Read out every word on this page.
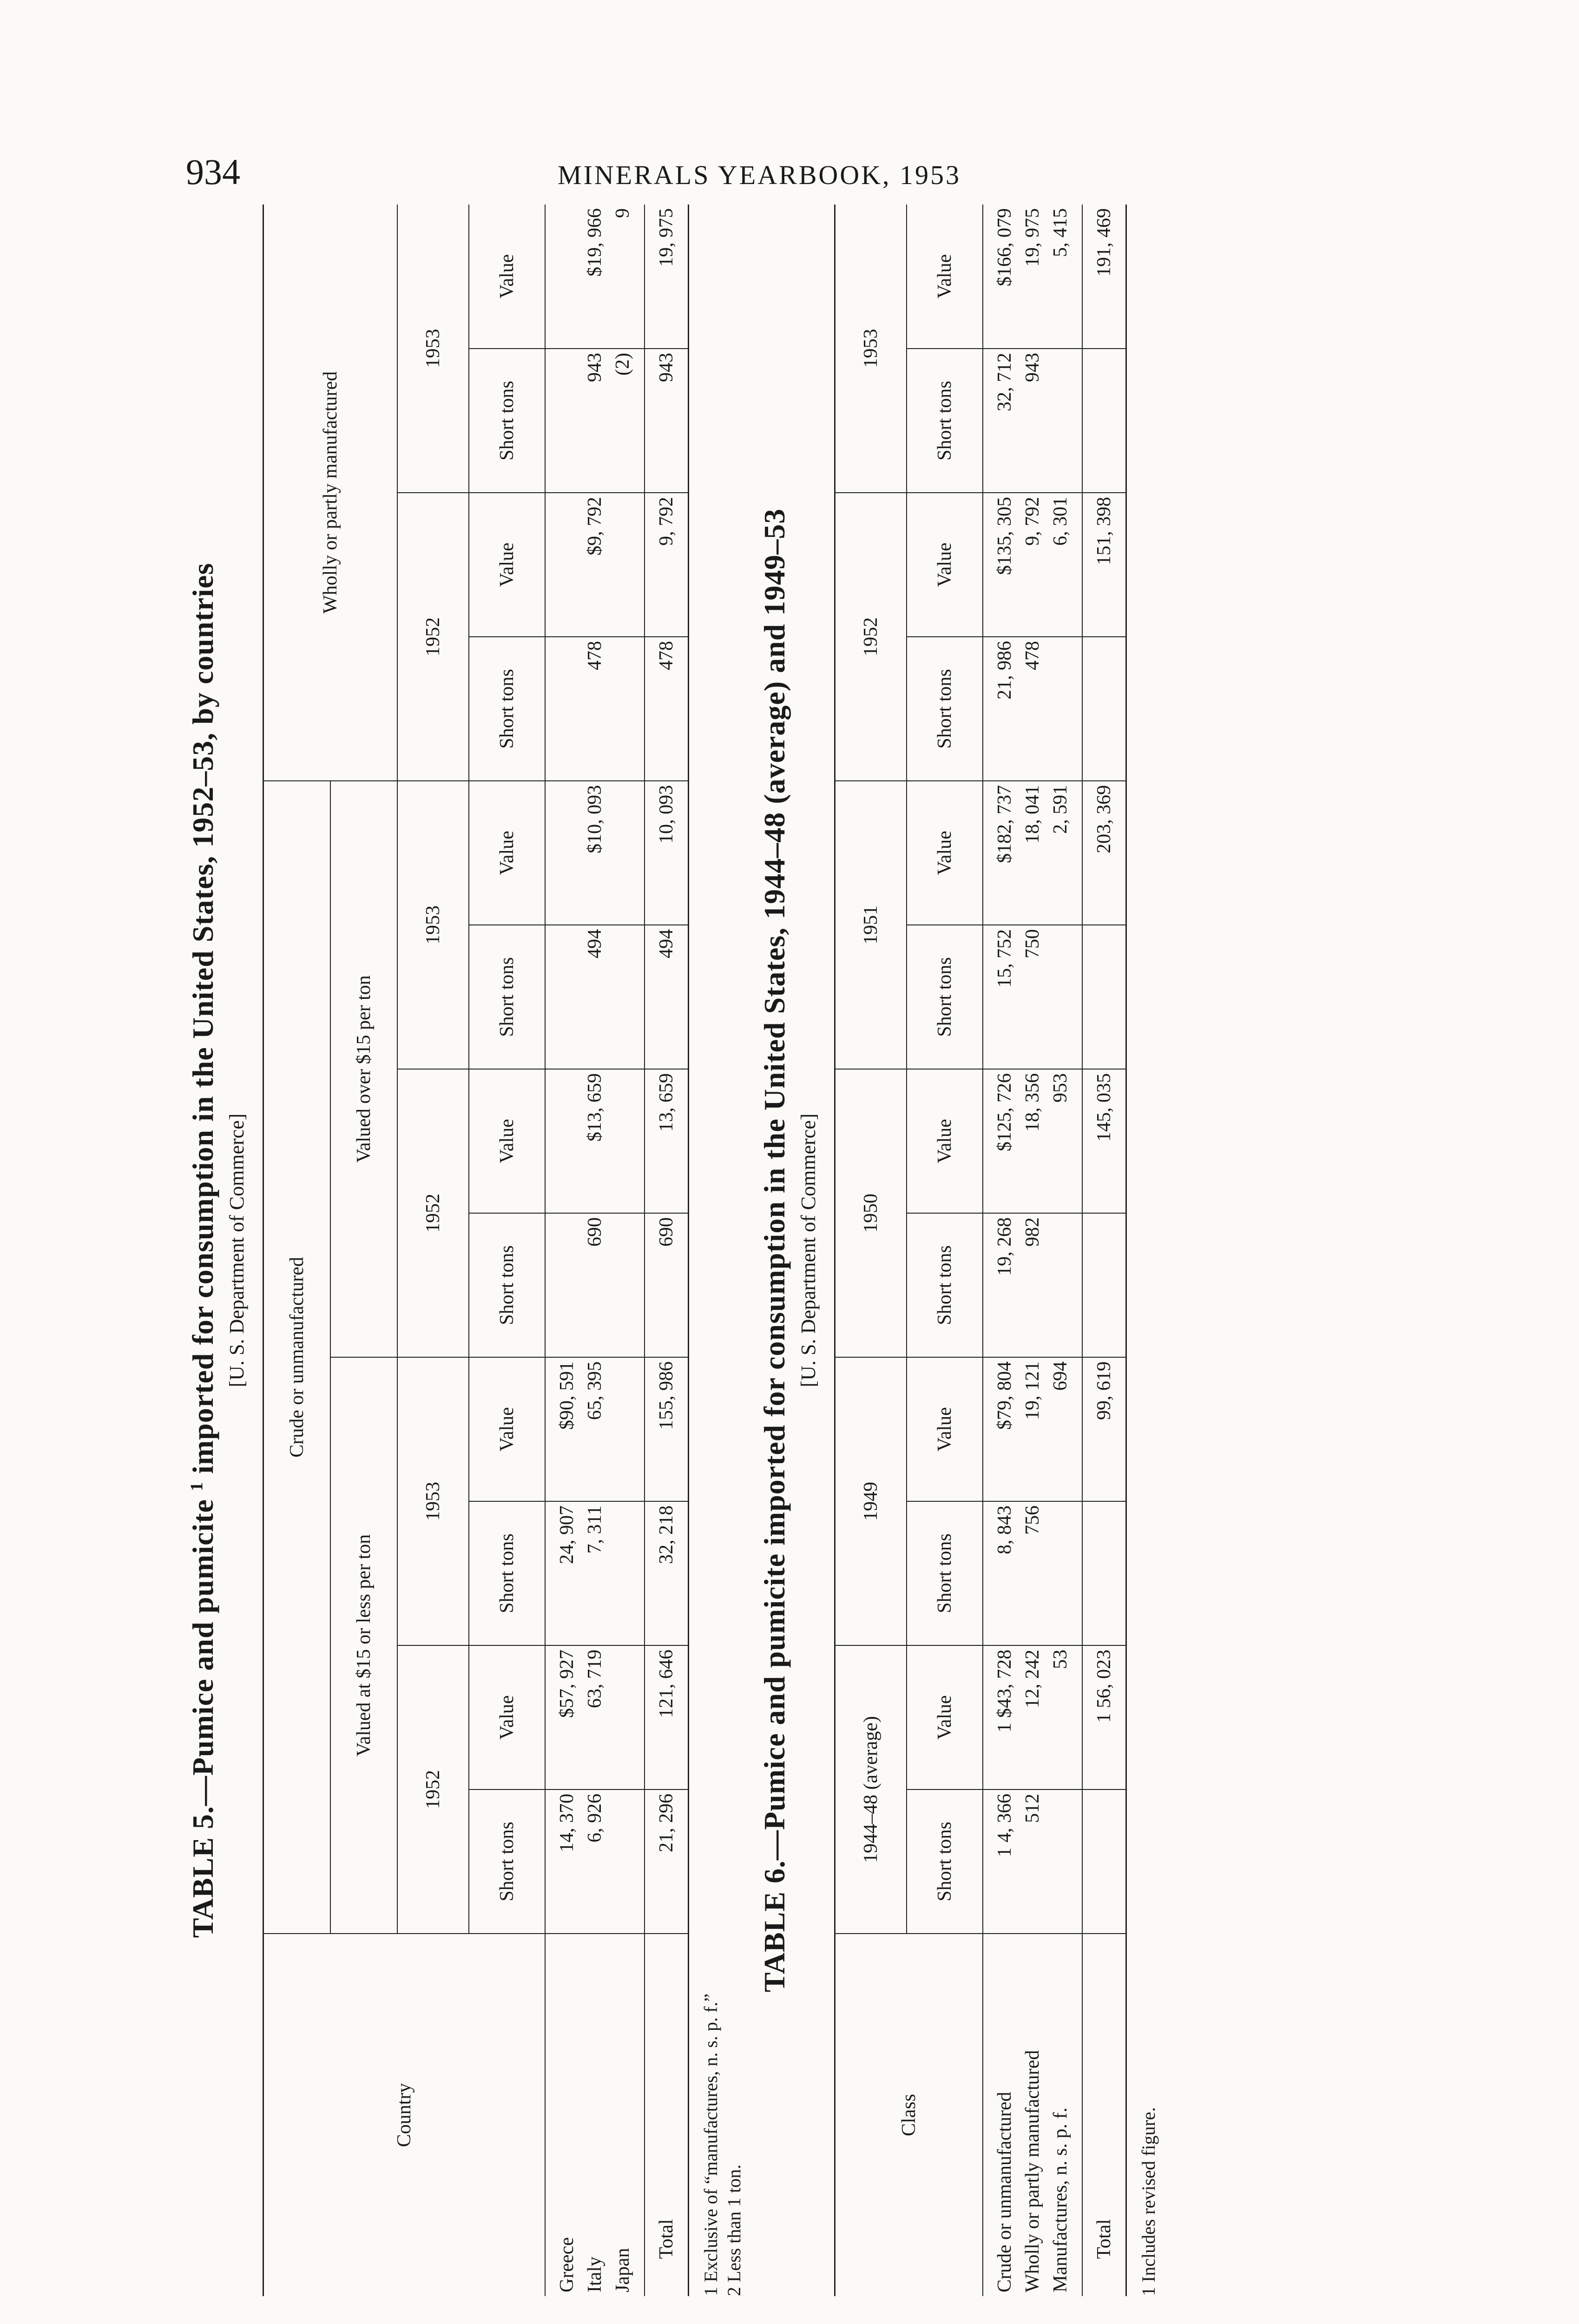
934	MINERALS YEARBOOK, 1953
TABLE 5.—Pumice and pumicite $^1$ imported for consumption in the United States, 1952–53, by countries [U. S. Department of Commerce]
Country	Crude or unmanufactured								Wholly or partly manufactured			
	Valued at $15 or less per ton				Valued over $15 per ton							
	1952		1953		1952		1953		1952		1953	
	Short tons	Value	Short tons	Value	Short tons	Value	Short tons	Value	Short tons	Value	Short tons	Value
Greece	14, 370	$57, 927	24, 907	$90, 591								
Italy	6, 926	63, 719	7, 311	65, 395	690	$13, 659	494	$10, 093	478	$9, 792	943	$19, 966
Japan											(2)	9
Total	21, 296	121, 646	32, 218	155, 986	690	13, 659	494	10, 093	478	9, 792	943	19, 975
1 Exclusive of “manufactures, n. s. p. f.” 2 Less than 1 ton.
TABLE 6.—Pumice and pumicite imported for consumption in the United States, 1944–48 (average) and 1949–53 [U. S. Department of Commerce]
Class	1944–48 (average)		1949		1950		1951		1952		1953	
	Short tons	Value	Short tons	Value	Short tons	Value	Short tons	Value	Short tons	Value	Short tons	Value
Crude or unmanufactured	1 4, 366	1 $43, 728	8, 843	$79, 804	19, 268	$125, 726	15, 752	$182, 737	21, 986	$135, 305	32, 712	$166, 079
Wholly or partly manufactured	512	12, 242	756	19, 121	982	18, 356	750	18, 041	478	9, 792	943	19, 975
Manufactures, n. s. p. f.		53		694		953		2, 591		6, 301		5, 415
Total		1 56, 023		99, 619		145, 035		203, 369		151, 398		191, 469
1 Includes revised figure.
